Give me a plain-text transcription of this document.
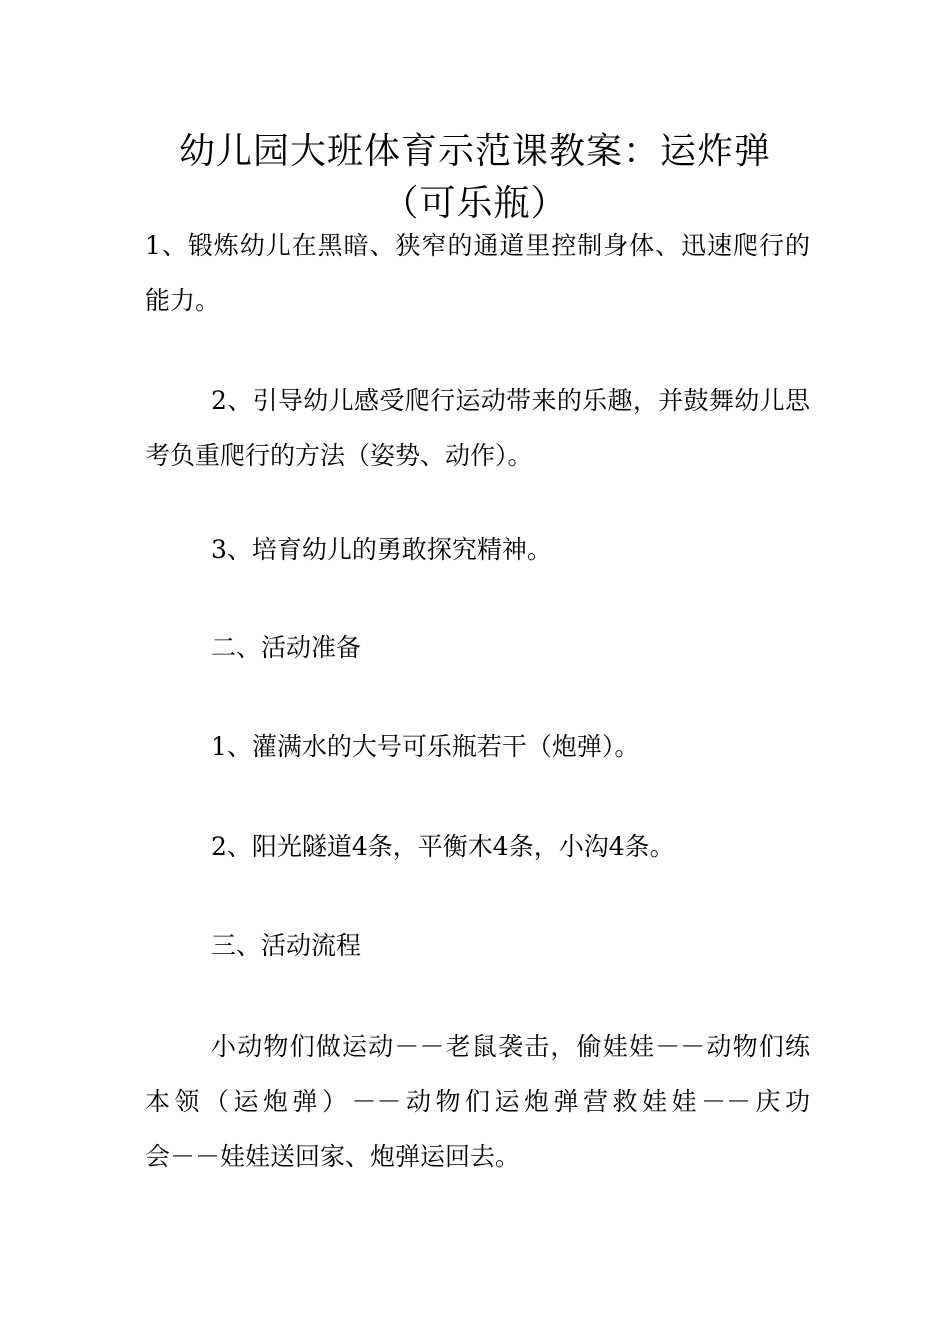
幼儿园大班体育示范课教案：运炸弹
（可乐瓶）

1、锻炼幼儿在黑暗、狭窄的通道里控制身体、迅速爬行的能力。

2、引导幼儿感受爬行运动带来的乐趣，并鼓舞幼儿思考负重爬行的方法（姿势、动作）。

3、培育幼儿的勇敢探究精神。

二、活动准备

1、灌满水的大号可乐瓶若干（炮弹）。

2、阳光隧道4条，平衡木4条，小沟4条。

三、活动流程

小动物们做运动－－老鼠袭击，偷娃娃－－动物们练
本领（运炮弹）－－动物们运炮弹营救娃娃－－庆功
会－－娃娃送回家、炮弹运回去。
